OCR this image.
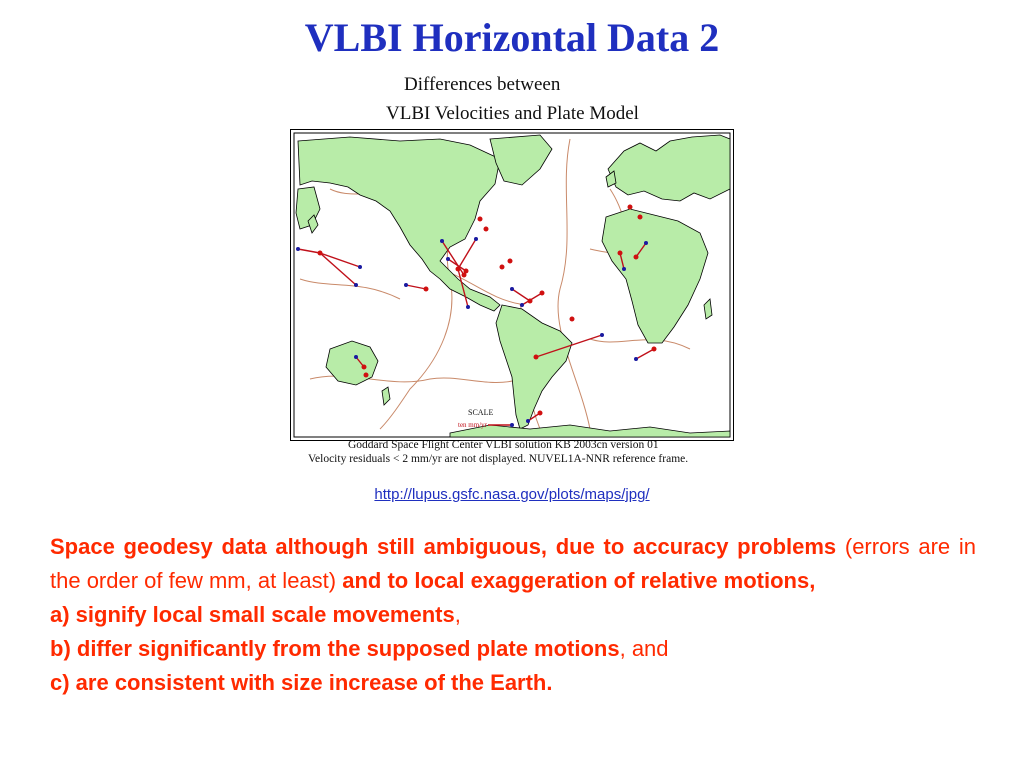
VLBI Horizontal Data 2
Differences between
VLBI Velocities and Plate Model
SCALE
ten mm/yr
Goddard Space Flight Center VLBI solution KB 2003cn version 01
Velocity residuals < 2 mm/yr are not displayed. NUVEL1A-NNR reference frame.
http://lupus.gsfc.nasa.gov/plots/maps/jpg/
Space geodesy data although still ambiguous, due to accuracy problems (errors are in the order of few mm, at least) and to local exaggeration of relative motions,
a) signify local small scale movements,
b) differ significantly from the supposed plate motions, and
c) are consistent with size increase of the Earth.
